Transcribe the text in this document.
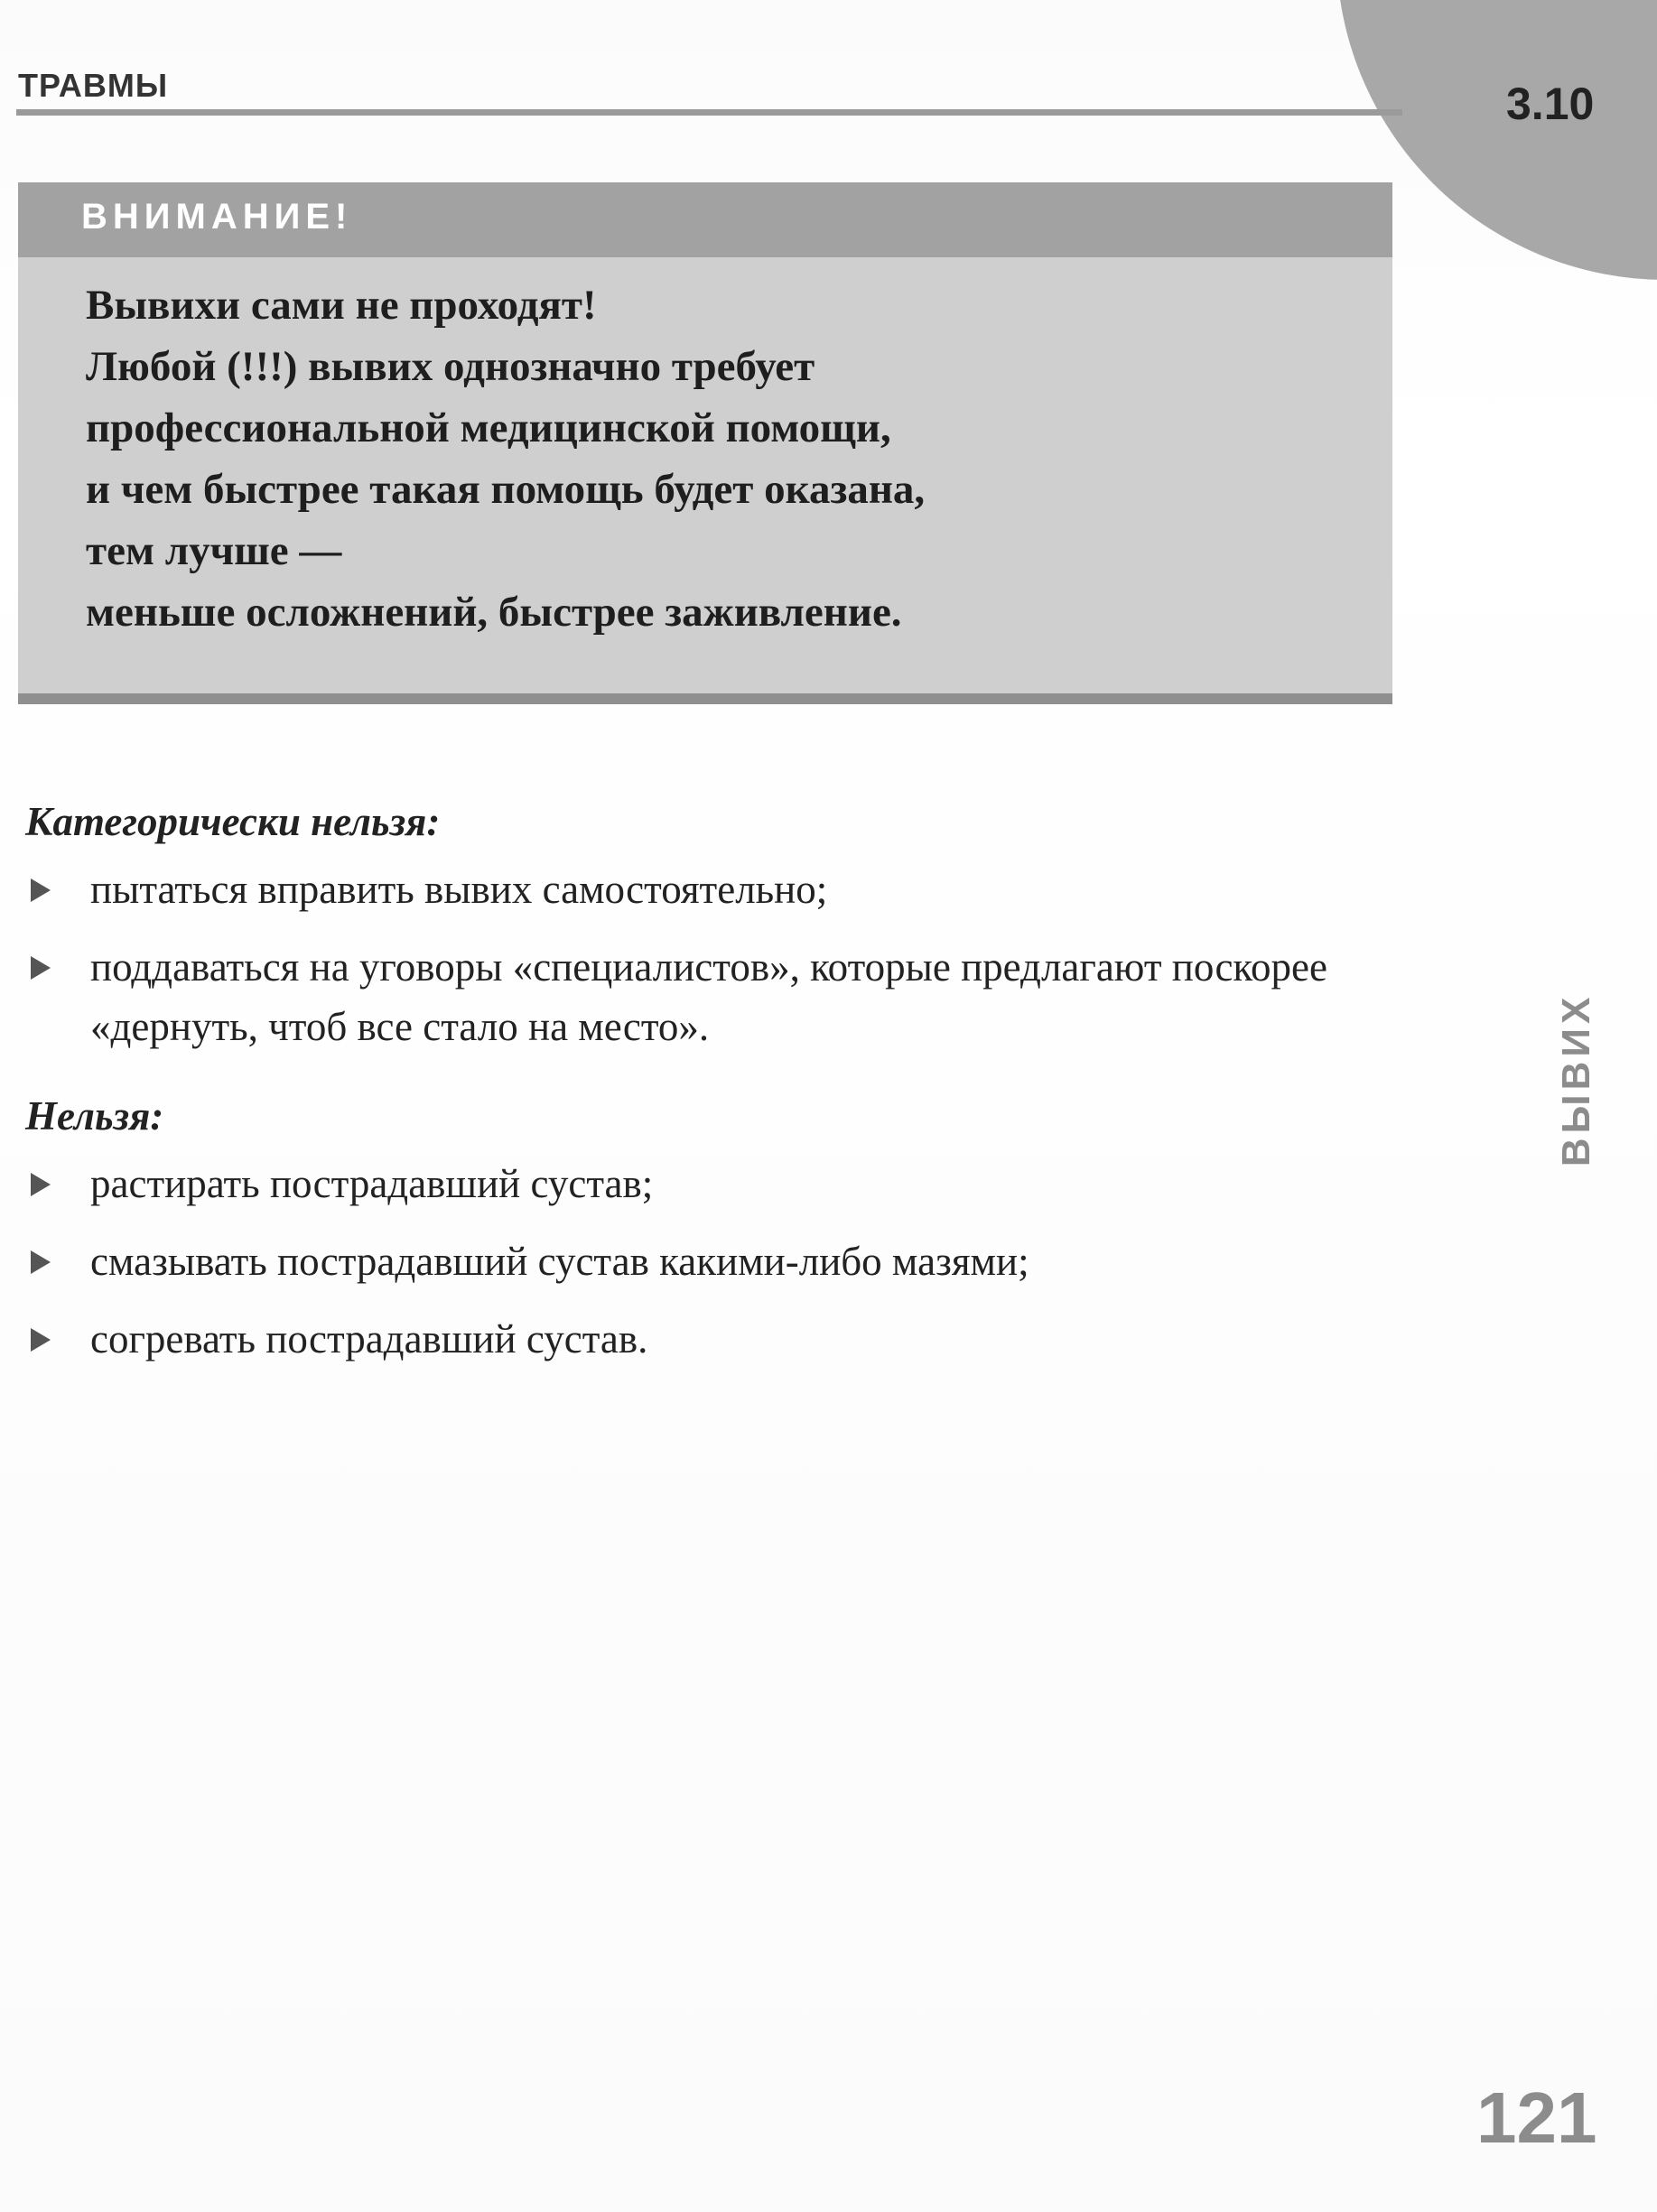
ТРАВМЫ	3.10
ВНИМАНИЕ!
Вывихи сами не проходят!
Любой (!!!) вывих однозначно требует
профессиональной медицинской помощи,
и чем быстрее такая помощь будет оказана,
тем лучше —
меньше осложнений, быстрее заживление.
Категорически нельзя:
пытаться вправить вывих самостоятельно;
поддаваться на уговоры «специалистов», которые предлагают поскорее «дернуть, чтоб все стало на место».
Нельзя:
растирать пострадавший сустав;
смазывать пострадавший сустав какими-либо мазями;
согревать пострадавший сустав.
ВЫВИХ
121
